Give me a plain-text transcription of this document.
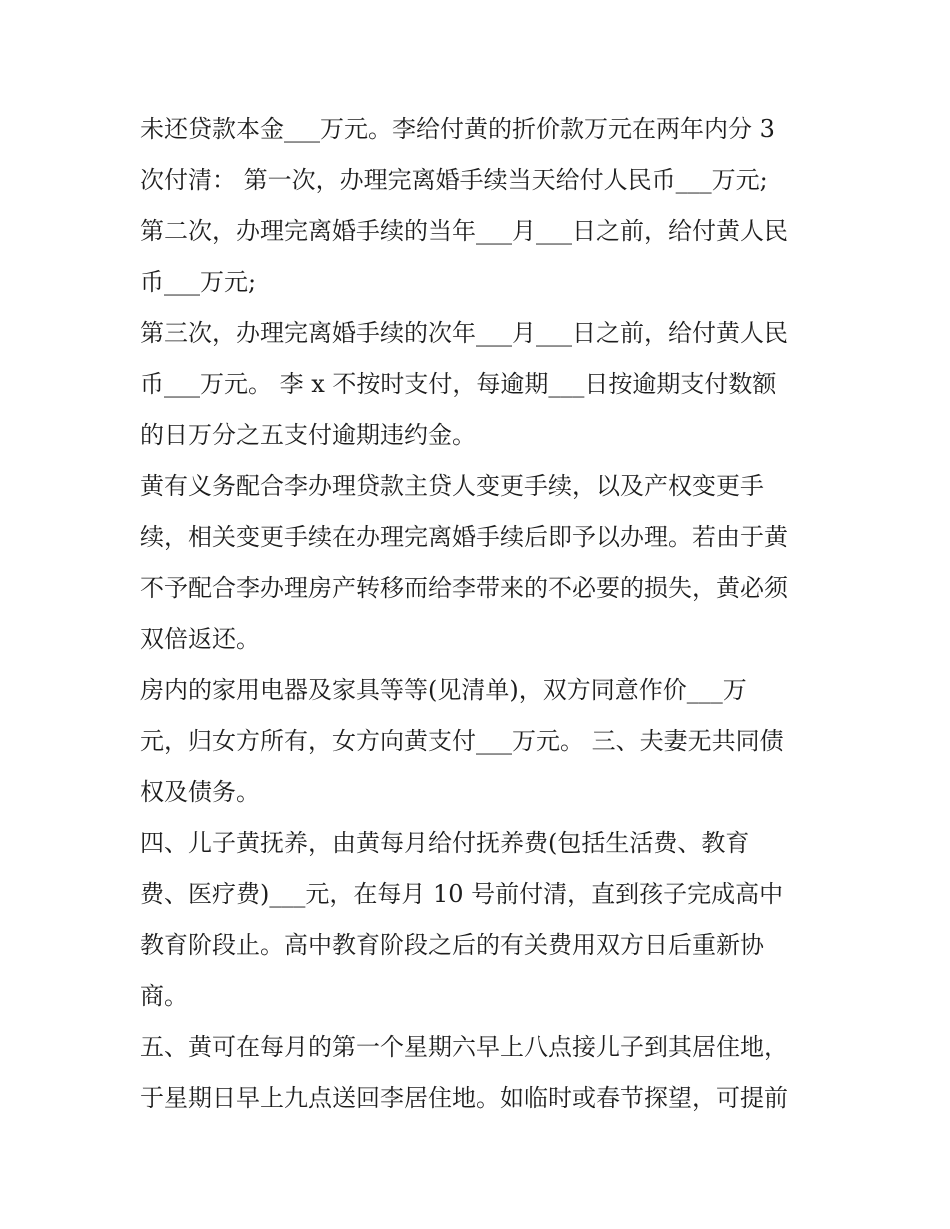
未还贷款本金___万元。李给付黄的折价款万元在两年内分 3
次付清： 第一次，办理完离婚手续当天给付人民币___万元;
第二次，办理完离婚手续的当年___月___日之前，给付黄人民
币___万元;
第三次，办理完离婚手续的次年___月___日之前，给付黄人民
币___万元。 李 x 不按时支付，每逾期___日按逾期支付数额
的日万分之五支付逾期违约金。
黄有义务配合李办理贷款主贷人变更手续，以及产权变更手
续，相关变更手续在办理完离婚手续后即予以办理。若由于黄
不予配合李办理房产转移而给李带来的不必要的损失，黄必须
双倍返还。
房内的家用电器及家具等等(见清单)，双方同意作价___万
元，归女方所有，女方向黄支付___万元。 三、夫妻无共同债
权及债务。
四、儿子黄抚养，由黄每月给付抚养费(包括生活费、教育
费、医疗费)___元，在每月 10 号前付清，直到孩子完成高中
教育阶段止。高中教育阶段之后的有关费用双方日后重新协
商。
五、黄可在每月的第一个星期六早上八点接儿子到其居住地，
于星期日早上九点送回李居住地。如临时或春节探望，可提前
